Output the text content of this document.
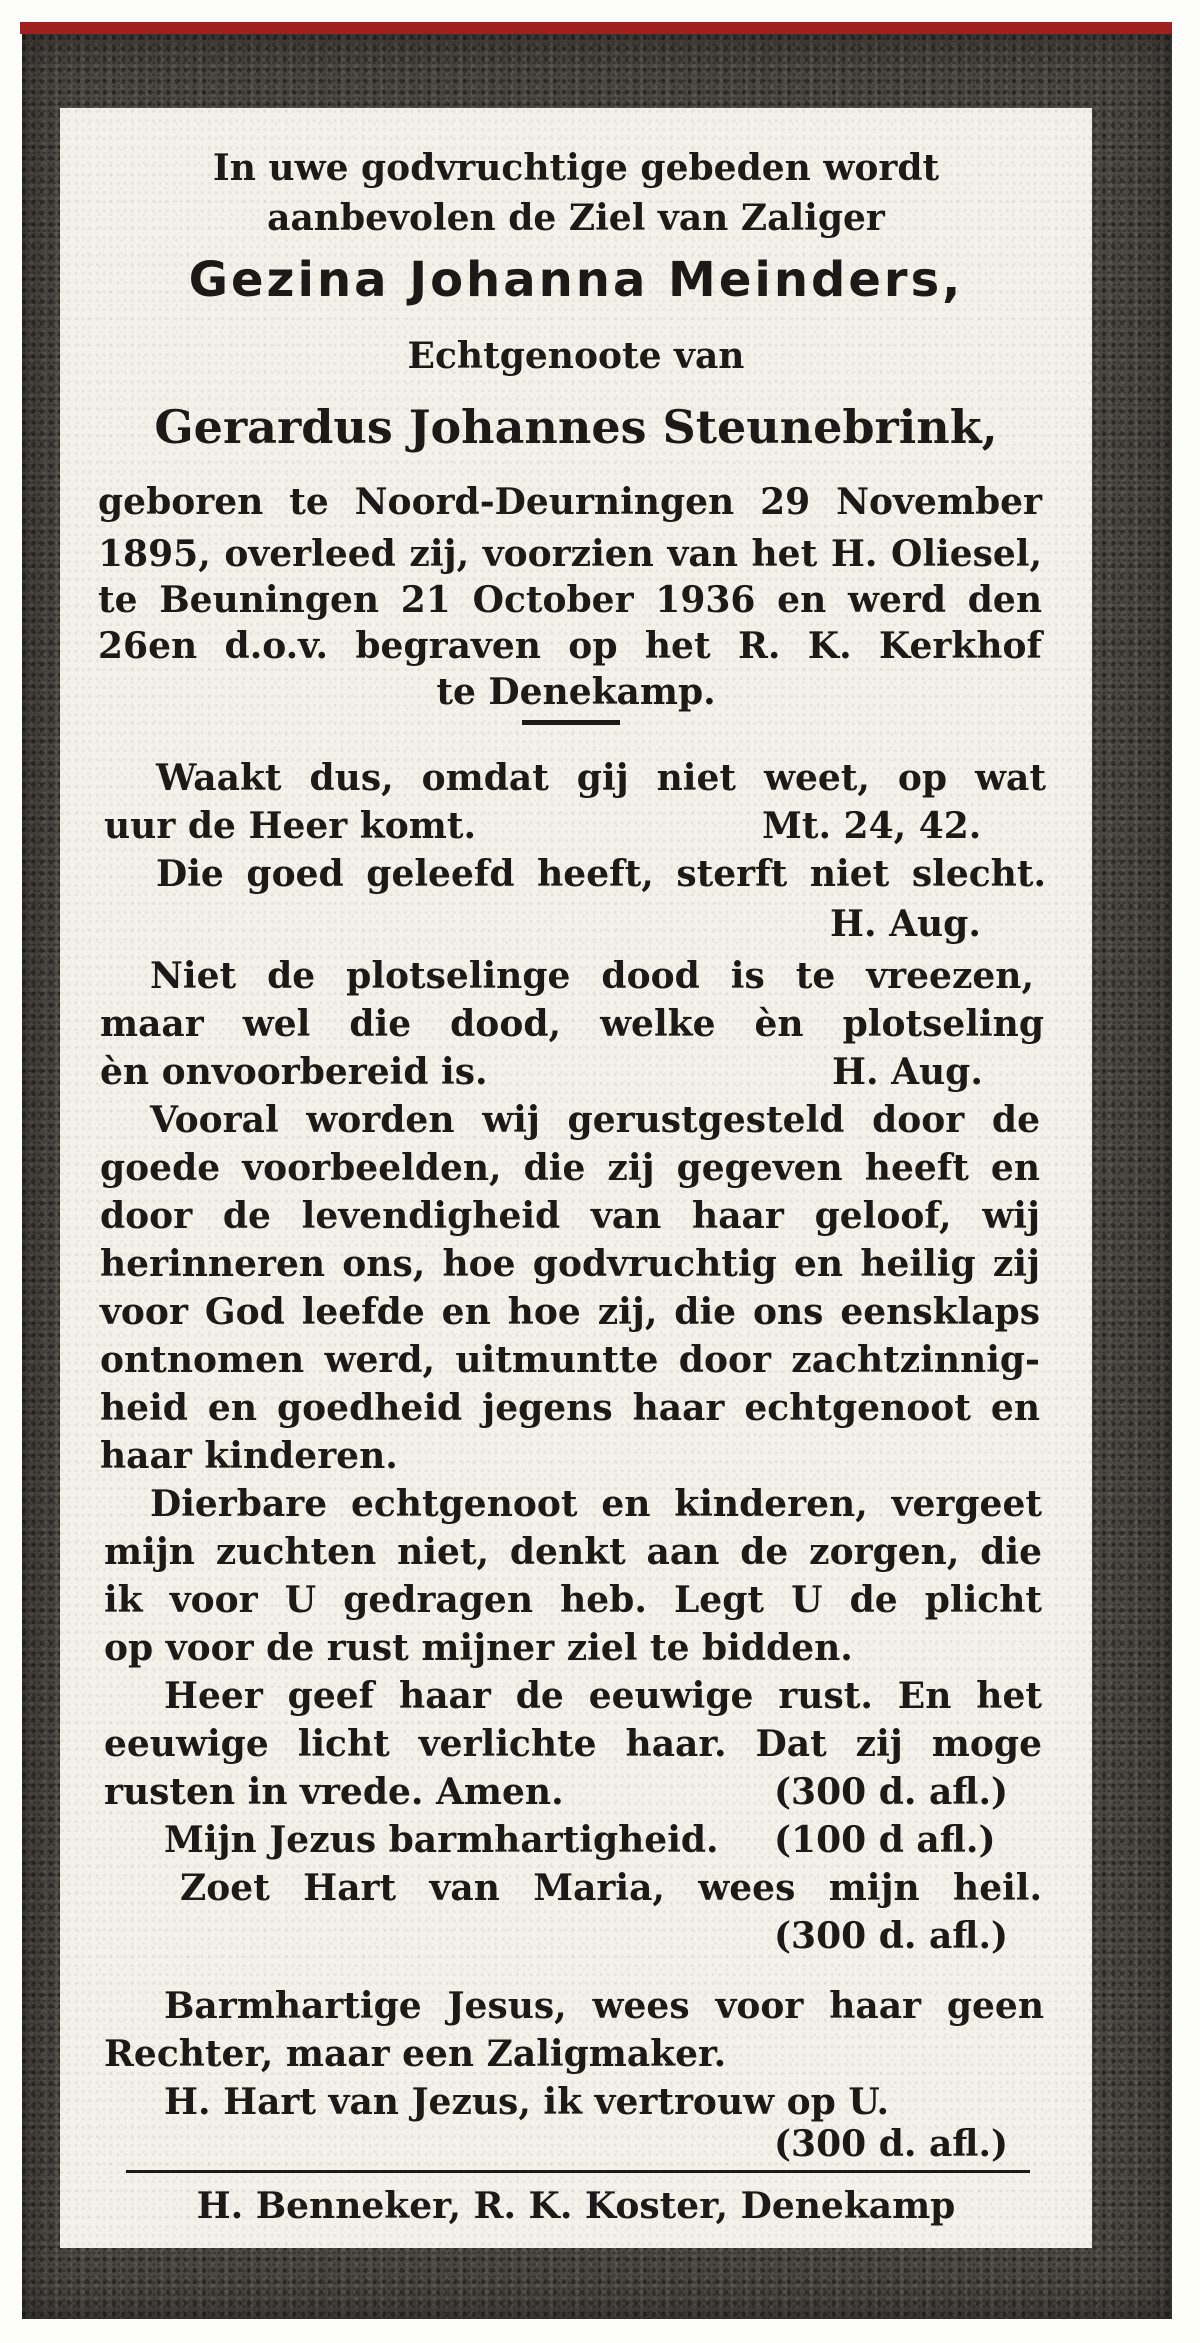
In uwe godvruchtige gebeden wordt
aanbevolen de Ziel van Zaliger
Gezina Johanna Meinders,
Echtgenoote van
Gerardus Johannes Steunebrink,
geboren te Noord-Deurningen 29 November
1895, overleed zij, voorzien van het H. Oliesel,
te Beuningen 21 October 1936 en werd den
26en d.o.v. begraven op het R. K. Kerkhof
te Denekamp.
Waakt dus, omdat gij niet weet, op wat
uur de Heer komt.	Mt. 24, 42.
Die goed geleefd heeft, sterft niet slecht.
H. Aug.
Niet de plotselinge dood is te vreezen,
maar wel die dood, welke èn plotseling
èn onvoorbereid is.	H. Aug.
Vooral worden wij gerustgesteld door de
goede voorbeelden, die zij gegeven heeft en
door de levendigheid van haar geloof, wij
herinneren ons, hoe godvruchtig en heilig zij
voor God leefde en hoe zij, die ons eensklaps
ontnomen werd, uitmuntte door zachtzinnig-
heid en goedheid jegens haar echtgenoot en
haar kinderen.
Dierbare echtgenoot en kinderen, vergeet
mijn zuchten niet, denkt aan de zorgen, die
ik voor U gedragen heb. Legt U de plicht
op voor de rust mijner ziel te bidden.
Heer geef haar de eeuwige rust. En het
eeuwige licht verlichte haar. Dat zij moge
rusten in vrede. Amen.	(300 d. afl.)
Mijn Jezus barmhartigheid. (100 d afl.)
Zoet Hart van Maria, wees mijn heil.
(300 d. afl.)
Barmhartige Jesus, wees voor haar geen
Rechter, maar een Zaligmaker.
H. Hart van Jezus, ik vertrouw op U.
(300 d. afl.)
H. Benneker, R. K. Koster, Denekamp
